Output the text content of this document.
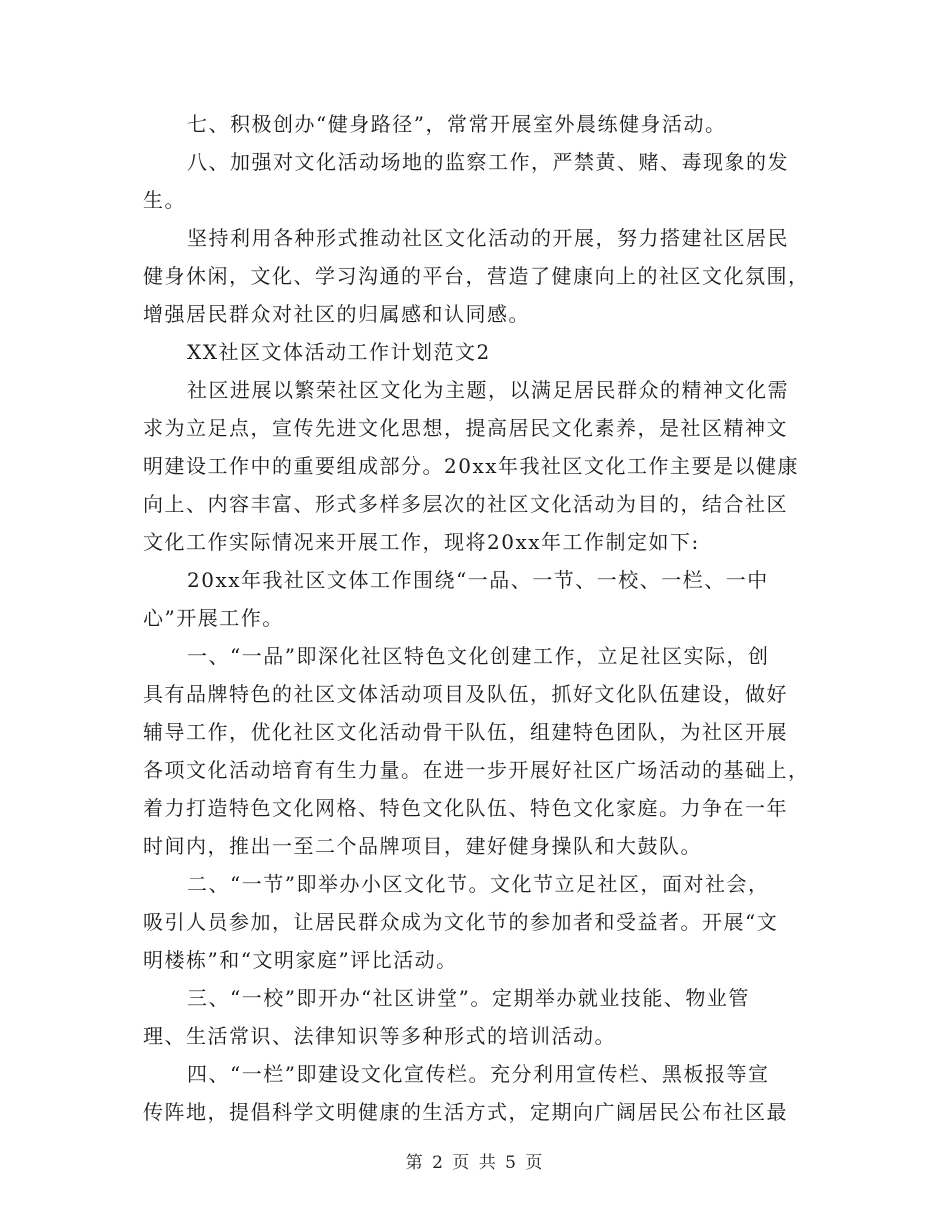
七、积极创办“健身路径”，常常开展室外晨练健身活动。
八、加强对文化活动场地的监察工作，严禁黄、赌、毒现象的发
生。
坚持利用各种形式推动社区文化活动的开展，努力搭建社区居民
健身休闲，文化、学习沟通的平台，营造了健康向上的社区文化氛围，
增强居民群众对社区的归属感和认同感。
XX社区文体活动工作计划范文2
社区进展以繁荣社区文化为主题，以满足居民群众的精神文化需
求为立足点，宣传先进文化思想，提高居民文化素养，是社区精神文
明建设工作中的重要组成部分。20xx年我社区文化工作主要是以健康
向上、内容丰富、形式多样多层次的社区文化活动为目的，结合社区
文化工作实际情况来开展工作，现将20xx年工作制定如下:
20xx年我社区文体工作围绕“一品、一节、一校、一栏、一中
心”开展工作。
一、“一品”即深化社区特色文化创建工作，立足社区实际，创
具有品牌特色的社区文体活动项目及队伍，抓好文化队伍建设，做好
辅导工作，优化社区文化活动骨干队伍，组建特色团队，为社区开展
各项文化活动培育有生力量。在进一步开展好社区广场活动的基础上，
着力打造特色文化网格、特色文化队伍、特色文化家庭。力争在一年
时间内，推出一至二个品牌项目，建好健身操队和大鼓队。
二、“一节”即举办小区文化节。文化节立足社区，面对社会，
吸引人员参加，让居民群众成为文化节的参加者和受益者。开展“文
明楼栋”和“文明家庭”评比活动。
三、“一校”即开办“社区讲堂”。定期举办就业技能、物业管
理、生活常识、法律知识等多种形式的培训活动。
四、“一栏”即建设文化宣传栏。充分利用宣传栏、黑板报等宣
传阵地，提倡科学文明健康的生活方式，定期向广阔居民公布社区最
第 2 页 共 5 页
